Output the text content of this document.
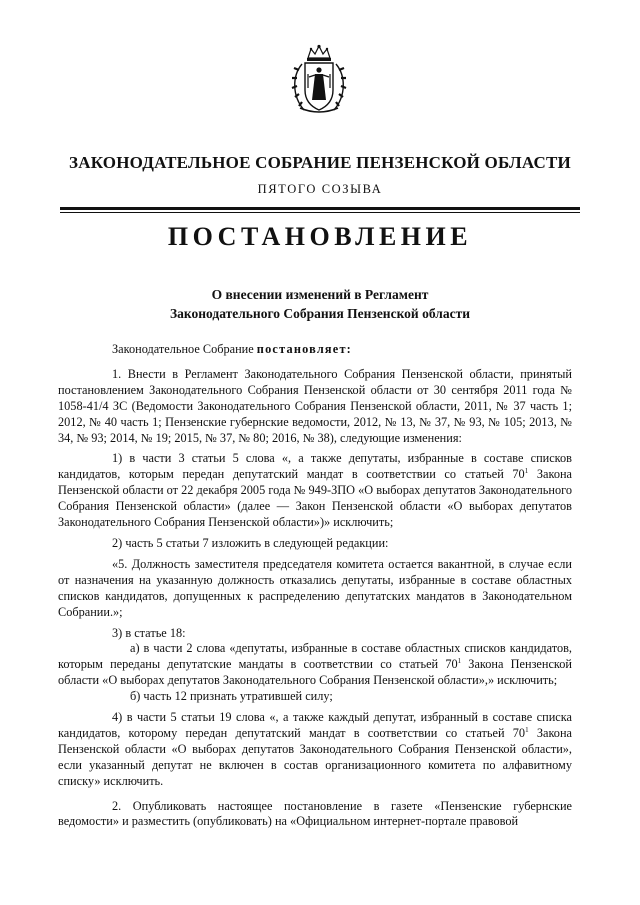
ЗАКОНОДАТЕЛЬНОЕ СОБРАНИЕ ПЕНЗЕНСКОЙ ОБЛАСТИ
ПЯТОГО СОЗЫВА
ПОСТАНОВЛЕНИЕ
О внесении изменений в Регламент
Законодательного Собрания Пензенской области

Законодательное Собрание постановляет:

1. Внести в Регламент Законодательного Собрания Пензенской области, принятый постановлением Законодательного Собрания Пензенской области от 30 сентября 2011 года № 1058-41/4 ЗС (Ведомости Законодательного Собрания Пензенской области, 2011, № 37 часть 1; 2012, № 40 часть 1; Пензенские губернские ведомости, 2012, № 13, № 37, № 93, № 105; 2013, № 34, № 93; 2014, № 19; 2015, № 37, № 80; 2016, № 38), следующие изменения:

1) в части 3 статьи 5 слова «, а также депутаты, избранные в составе списков кандидатов, которым передан депутатский мандат в соответствии со статьей $70^1$ Закона Пензенской области от 22 декабря 2005 года № 949-ЗПО «О выборах депутатов Законодательного Собрания Пензенской области» (далее — Закон Пензенской области «О выборах депутатов Законодательного Собрания Пензенской области»)» исключить;

2) часть 5 статьи 7 изложить в следующей редакции:

«5. Должность заместителя председателя комитета остается вакантной, в случае если от назначения на указанную должность отказались депутаты, избранные в составе областных списков кандидатов, допущенных к распределению депутатских мандатов в Законодательном Собрании.»;

3) в статье 18:

а) в части 2 слова «депутаты, избранные в составе областных списков кандидатов, которым переданы депутатские мандаты в соответствии со статьей $70^1$ Закона Пензенской области «О выборах депутатов Законодательного Собрания Пензенской области»,» исключить;

б) часть 12 признать утратившей силу;

4) в части 5 статьи 19 слова «, а также каждый депутат, избранный в составе списка кандидатов, которому передан депутатский мандат в соответствии со статьей $70^1$ Закона Пензенской области «О выборах депутатов Законодательного Собрания Пензенской области», если указанный депутат не включен в состав организационного комитета по алфавитному списку» исключить.

2. Опубликовать настоящее постановление в газете «Пензенские губернские ведомости» и разместить (опубликовать) на «Официальном интернет-портале правовой
